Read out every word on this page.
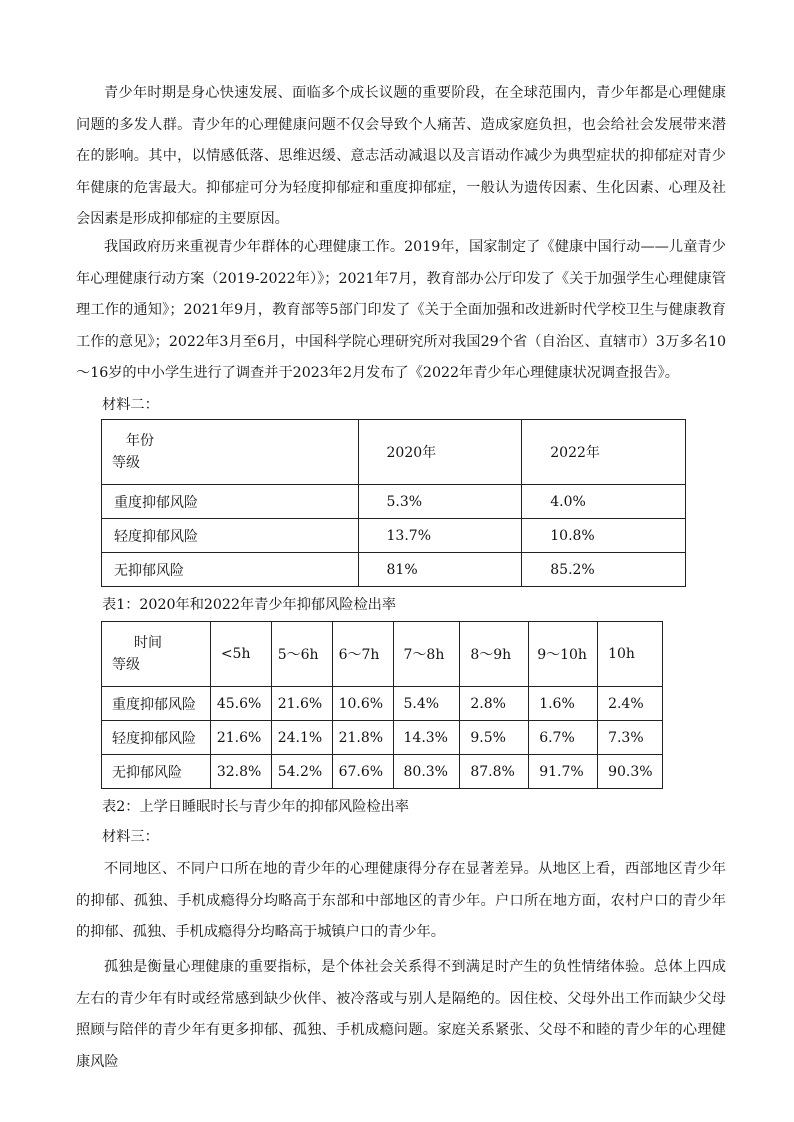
青少年时期是身心快速发展、面临多个成长议题的重要阶段，在全球范围内，青少年都是心理健康问题的多发人群。青少年的心理健康问题不仅会导致个人痛苦、造成家庭负担，也会给社会发展带来潜在的影响。其中，以情感低落、思维迟缓、意志活动减退以及言语动作减少为典型症状的抑郁症对青少年健康的危害最大。抑郁症可分为轻度抑郁症和重度抑郁症，一般认为遗传因素、生化因素、心理及社会因素是形成抑郁症的主要原因。

我国政府历来重视青少年群体的心理健康工作。2019年，国家制定了《健康中国行动——儿童青少年心理健康行动方案（2019-2022年）》；2021年7月，教育部办公厅印发了《关于加强学生心理健康管理工作的通知》；2021年9月，教育部等5部门印发了《关于全面加强和改进新时代学校卫生与健康教育工作的意见》；2022年3月至6月，中国科学院心理研究所对我国29个省（自治区、直辖市）3万多名10～16岁的中小学生进行了调查并于2023年2月发布了《2022年青少年心理健康状况调查报告》。

材料二：

年份
等级	2020年	2022年
重度抑郁风险	5.3%	4.0%
轻度抑郁风险	13.7%	10.8%
无抑郁风险	81%	85.2%

表1：2020年和2022年青少年抑郁风险检出率

时间
等级	<5h	5～6h	6～7h	7～8h	8～9h	9～10h	10h
重度抑郁风险	45.6%	21.6%	10.6%	5.4%	2.8%	1.6%	2.4%
轻度抑郁风险	21.6%	24.1%	21.8%	14.3%	9.5%	6.7%	7.3%
无抑郁风险	32.8%	54.2%	67.6%	80.3%	87.8%	91.7%	90.3%

表2：上学日睡眠时长与青少年的抑郁风险检出率

材料三：

不同地区、不同户口所在地的青少年的心理健康得分存在显著差异。从地区上看，西部地区青少年的抑郁、孤独、手机成瘾得分均略高于东部和中部地区的青少年。户口所在地方面，农村户口的青少年的抑郁、孤独、手机成瘾得分均略高于城镇户口的青少年。

孤独是衡量心理健康的重要指标，是个体社会关系得不到满足时产生的负性情绪体验。总体上四成左右的青少年有时或经常感到缺少伙伴、被冷落或与别人是隔绝的。因住校、父母外出工作而缺少父母照顾与陪伴的青少年有更多抑郁、孤独、手机成瘾问题。家庭关系紧张、父母不和睦的青少年的心理健康风险
